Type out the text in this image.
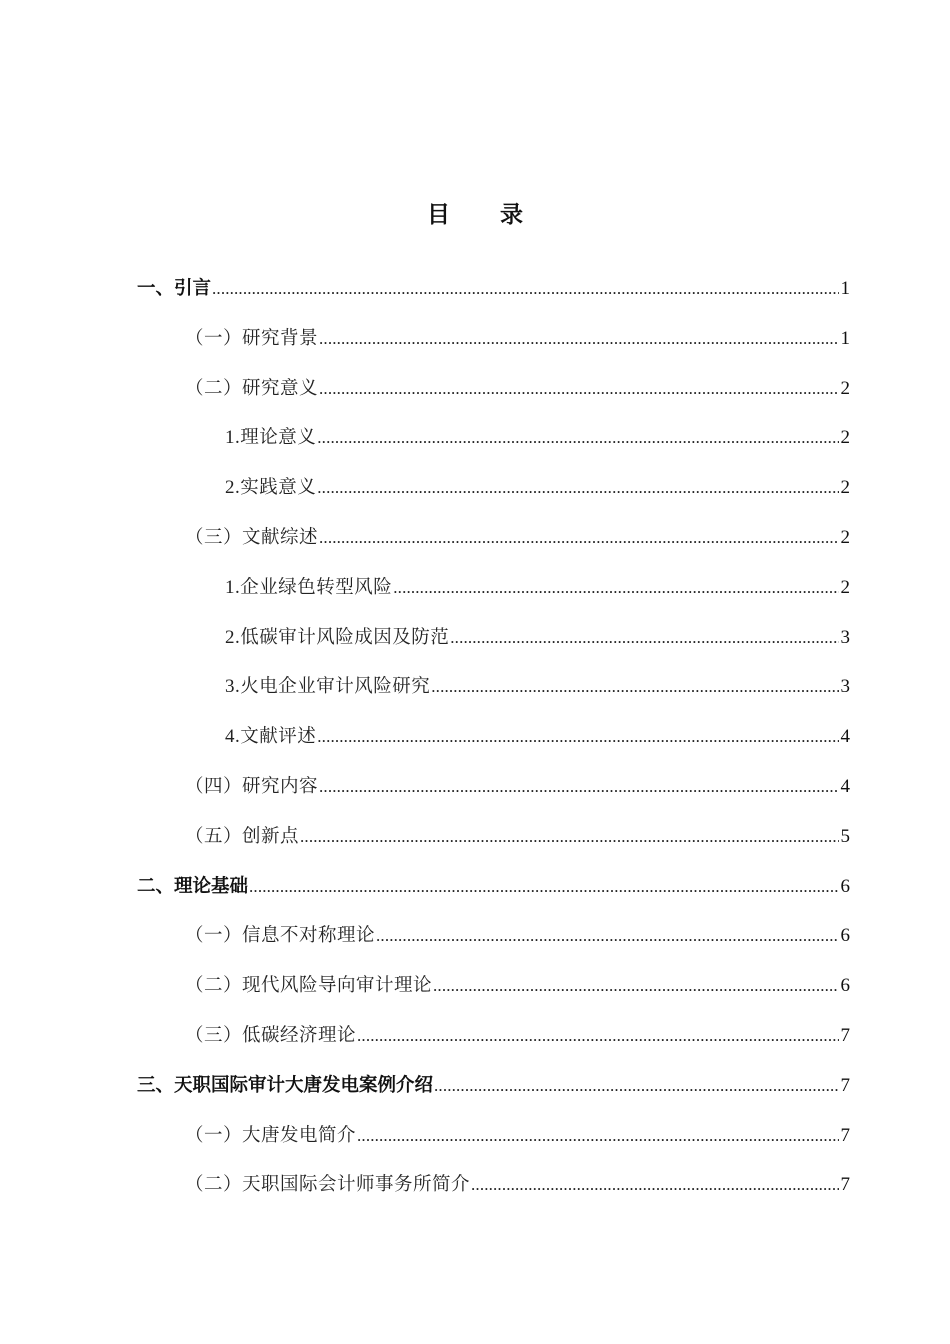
目 录
一、引言 .....	1
（一）研究背景 .....	1
（二）研究意义 .....	2
1.理论意义 .....	2
2.实践意义 .....	2
（三）文献综述 .....	2
1.企业绿色转型风险 .....	2
2.低碳审计风险成因及防范 .....	3
3.火电企业审计风险研究 .....	3
4.文献评述 .....	4
（四）研究内容 .....	4
（五）创新点 .....	5
二、理论基础 .....	6
（一）信息不对称理论 .....	6
（二）现代风险导向审计理论 .....	6
（三）低碳经济理论 .....	7
三、天职国际审计大唐发电案例介绍 .....	7
（一）大唐发电简介 .....	7
（二）天职国际会计师事务所简介 .....	7
